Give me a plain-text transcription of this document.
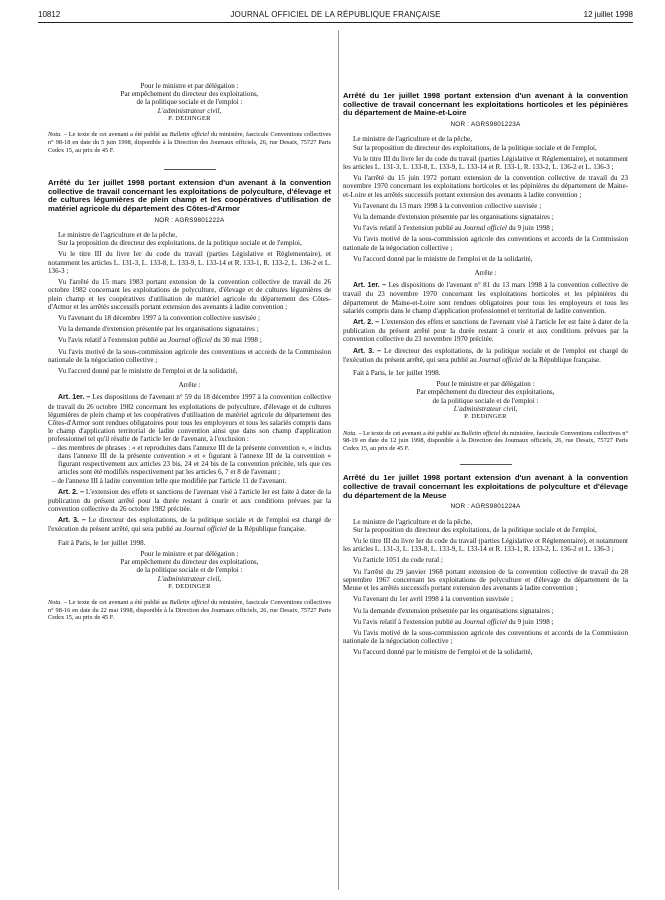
10812	JOURNAL OFFICIEL DE LA RÉPUBLIQUE FRANÇAISE	12 juillet 1998

Pour le ministre et par délégation :

Par empêchement du directeur des exploitations,

de la politique sociale et de l'emploi :

L'administrateur civil,

P. DEDINGER

Nota. – Le texte de cet avenant a été publié au Bulletin officiel du ministère, fascicule Conventions collectives n° 98-18 en date du 5 juin 1998, disponible à la Direction des Journaux officiels, 26, rue Desaix, 75727 Paris Cedex 15, au prix de 45 F.

Arrêté du 1er juillet 1998 portant extension d'un avenant à la convention collective de travail concernant les exploitations de polyculture, d'élevage et de cultures légumières de plein champ et les coopératives d'utilisation de matériel agricole du département des Côtes-d'Armor

NOR : AGRS9801222A

Le ministre de l'agriculture et de la pêche,

Sur la proposition du directeur des exploitations, de la politique sociale et de l'emploi,

Vu le titre III du livre Ier du code du travail (parties Législative et Réglementaire), et notamment les articles L. 131-3, L. 133-8, L. 133-9, L. 133-14 et R. 133-1, R. 133-2, L. 136-2 et L. 136-3 ;

Vu l'arrêté du 15 mars 1983 portant extension de la convention collective de travail du 26 octobre 1982 concernant les exploitations de polyculture, d'élevage et de cultures légumières de plein champ et les coopératives d'utilisation de matériel agricole du département des Côtes-d'Armor et les arrêtés successifs portant extension des avenants à ladite convention ;

Vu l'avenant du 18 décembre 1997 à la convention collective susvisée ;

Vu la demande d'extension présentée par les organisations signataires ;

Vu l'avis relatif à l'extension publié au Journal officiel du 30 mai 1998 ;

Vu l'avis motivé de la sous-commission agricole des conventions et accords de la Commission nationale de la négociation collective ;

Vu l'accord donné par le ministre de l'emploi et de la solidarité,

Arrête :

Art. 1er. – Les dispositions de l'avenant n° 59 du 18 décembre 1997 à la convention collective de travail du 26 octobre 1982 concernant les exploitations de polyculture, d'élevage et de cultures légumières de plein champ et les coopératives d'utilisation de matériel agricole du département des Côtes-d'Armor sont rendues obligatoires pour tous les employeurs et tous les salariés compris dans le champ d'application territorial de ladite convention ainsi que dans son champ d'application professionnel tel qu'il résulte de l'article Ier de l'avenant, à l'exclusion :

– des membres de phrases : « et reproduites dans l'annexe III de la présente convention », « inclus dans l'annexe III de la présente convention » et « figurant à l'annexe III de la convention » figurant respectivement aux articles 23 bis, 24 et 24 bis de la convention précitée, tels que ces articles sont été modifiés respectivement par les articles 6, 7 et 8 de l'avenant ;

– de l'annexe III à ladite convention telle que modifiée par l'article 11 de l'avenant.

Art. 2. – L'extension des effets et sanctions de l'avenant visé à l'article Ier est faite à dater de la publication du présent arrêté pour la durée restant à courir et aux conditions prévues par la convention collective du 26 octobre 1982 précitée.

Art. 3. – Le directeur des exploitations, de la politique sociale et de l'emploi est chargé de l'exécution du présent arrêté, qui sera publié au Journal officiel de la République française.

Fait à Paris, le 1er juillet 1998.

Pour le ministre et par délégation :

Par empêchement du directeur des exploitations,

de la politique sociale et de l'emploi :

L'administrateur civil,

P. DEDINGER

Nota. – Le texte de cet avenant a été publié au Bulletin officiel du ministère, fascicule Conventions collectives n° 98-16 en date du 22 mai 1998, disponible à la Direction des Journaux officiels, 26, rue Desaix, 75727 Paris Cedex 15, au prix de 45 F.

Arrêté du 1er juillet 1998 portant extension d'un avenant à la convention collective de travail concernant les exploitations horticoles et les pépinières du département de Maine-et-Loire

NOR : AGRS9801223A

Le ministre de l'agriculture et de la pêche,

Sur la proposition du directeur des exploitations, de la politique sociale et de l'emploi,

Vu le titre III du livre Ier du code du travail (parties Législative et Réglementaire), et notamment les articles L. 131-3, L. 133-8, L. 133-9, L. 133-14 et R. 133-1, R. 133-2, L. 136-2 et L. 136-3 ;

Vu l'arrêté du 15 juin 1972 portant extension de la convention collective de travail du 23 novembre 1970 concernant les exploitations horticoles et les pépinières du département de Maine-et-Loire et les arrêtés successifs portant extension des avenants à ladite convention ;

Vu l'avenant du 13 mars 1998 à la convention collective susvisée ;

Vu la demande d'extension présentée par les organisations signataires ;

Vu l'avis relatif à l'extension publié au Journal officiel du 9 juin 1998 ;

Vu l'avis motivé de la sous-commission agricole des conventions et accords de la Commission nationale de la négociation collective ;

Vu l'accord donné par le ministre de l'emploi et de la solidarité,

Arrête :

Art. 1er. – Les dispositions de l'avenant n° 81 du 13 mars 1998 à la convention collective de travail du 23 novembre 1970 concernant les exploitations horticoles et les pépinières du département de Maine-et-Loire sont rendues obligatoires pour tous les employeurs et tous les salariés compris dans le champ d'application professionnel et territorial de ladite convention.

Art. 2. – L'extension des effets et sanctions de l'avenant visé à l'article Ier est faite à dater de la publication du présent arrêté pour la durée restant à courir et aux conditions prévues par la convention collective du 23 novembre 1970 précitée.

Art. 3. – Le directeur des exploitations, de la politique sociale et de l'emploi est chargé de l'exécution du présent arrêté, qui sera publié au Journal officiel de la République française.

Fait à Paris, le 1er juillet 1998.

Pour le ministre et par délégation :

Par empêchement du directeur des exploitations,

de la politique sociale et de l'emploi :

L'administrateur civil,

P. DEDINGER

Nota. – Le texte de cet avenant a été publié au Bulletin officiel du ministère, fascicule Conventions collectives n° 98-19 en date du 12 juin 1998, disponible à la Direction des Journaux officiels, 26, rue Desaix, 75727 Paris Cedex 15, au prix de 45 F.

Arrêté du 1er juillet 1998 portant extension d'un avenant à la convention collective de travail concernant les exploitations de polyculture et d'élevage du département de la Meuse

NOR : AGRS9801224A

Le ministre de l'agriculture et de la pêche,

Sur la proposition du directeur des exploitations, de la politique sociale et de l'emploi,

Vu le titre III du livre Ier du code du travail (parties Législative et Réglementaire), et notamment les articles L. 131-3, L. 133-8, L. 133-9, L. 133-14 et R. 133-1, R. 133-2, L. 136-2 et L. 136-3 ;

Vu l'article 1051 du code rural ;

Vu l'arrêté du 29 janvier 1968 portant extension de la convention collective de travail du 28 septembre 1967 concernant les exploitations de polyculture et d'élevage du département de la Meuse et les arrêtés successifs portant extension des avenants à ladite convention ;

Vu l'avenant du 1er avril 1998 à la convention susvisée ;

Vu la demande d'extension présentée par les organisations signataires ;

Vu l'avis relatif à l'extension publié au Journal officiel du 9 juin 1998 ;

Vu l'avis motivé de la sous-commission agricole des conventions et accords de la Commission nationale de la négociation collective ;

Vu l'accord donné par le ministre de l'emploi et de la solidarité,
